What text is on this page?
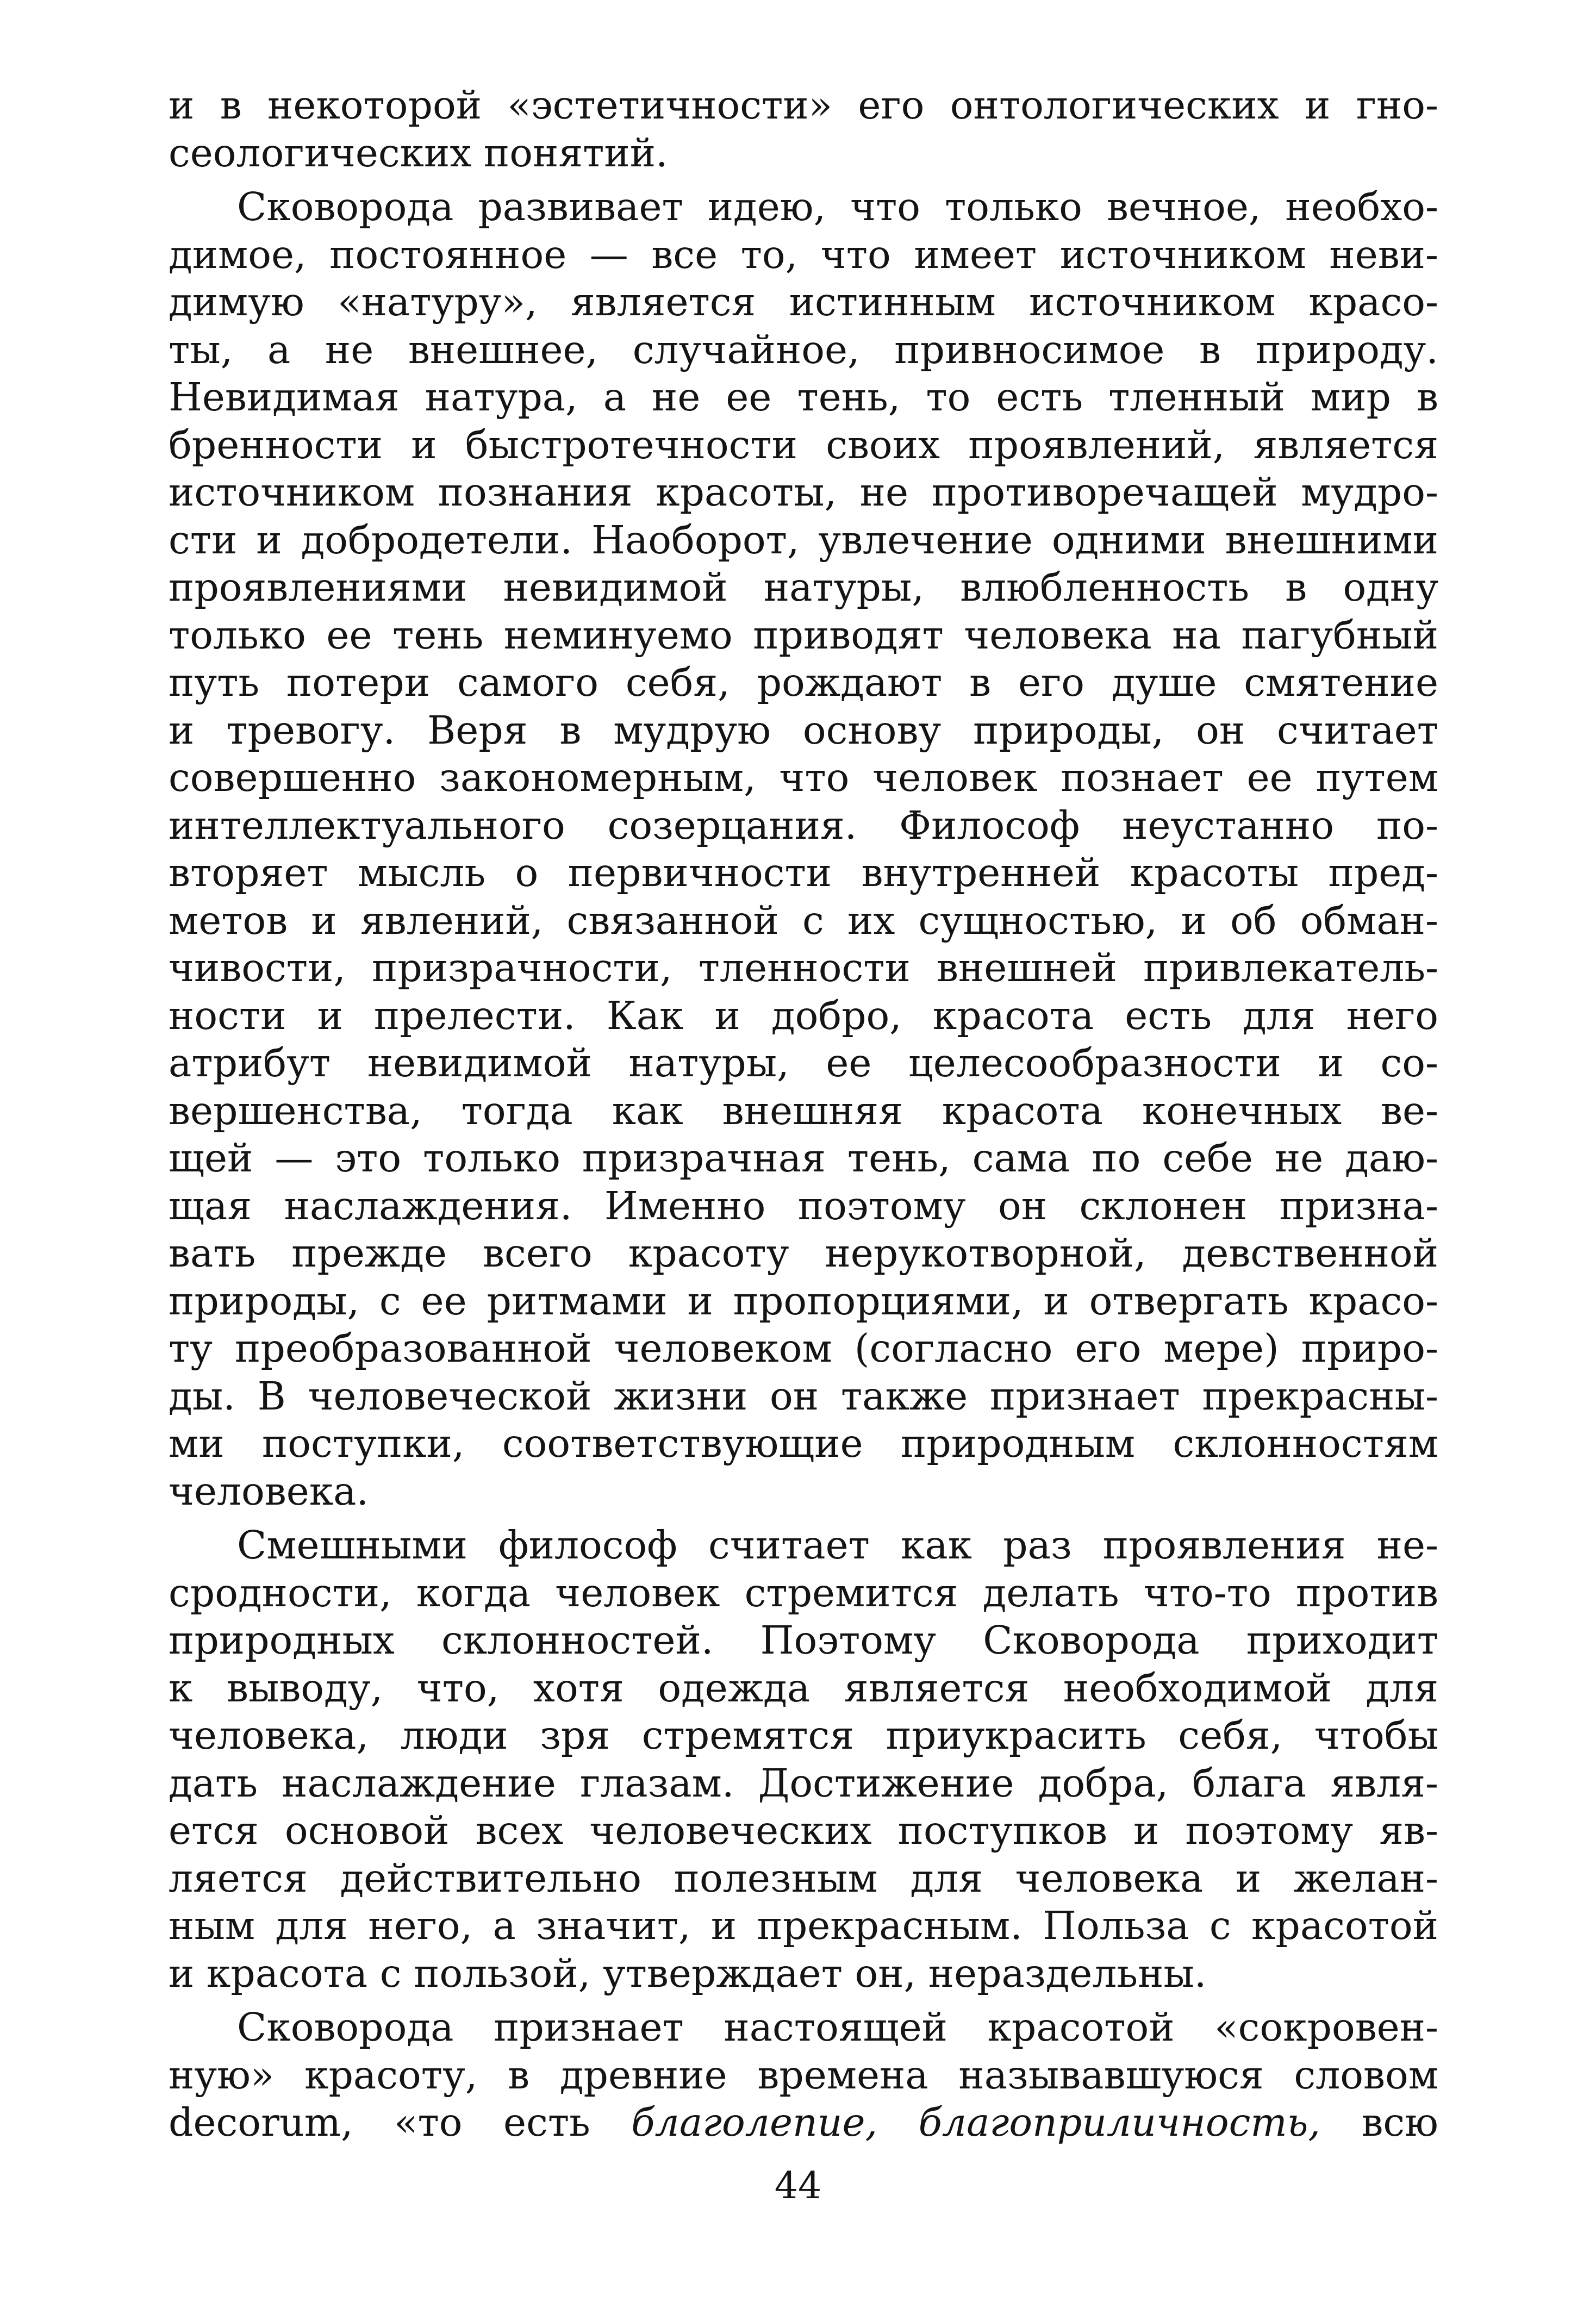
и в некоторой «эстетичности» его онтологических и гно-
сеологических понятий.
Сковорода развивает идею, что только вечное, необхо-
димое, постоянное — все то, что имеет источником неви-
димую «натуру», является истинным источником красо-
ты, а не внешнее, случайное, привносимое в природу.
Невидимая натура, а не ее тень, то есть тленный мир в
бренности и быстротечности своих проявлений, является
источником познания красоты, не противоречащей мудро-
сти и добродетели. Наоборот, увлечение одними внешними
проявлениями невидимой натуры, влюбленность в одну
только ее тень неминуемо приводят человека на пагубный
путь потери самого себя, рождают в его душе смятение
и тревогу. Веря в мудрую основу природы, он считает
совершенно закономерным, что человек познает ее путем
интеллектуального созерцания. Философ неустанно по-
вторяет мысль о первичности внутренней красоты пред-
метов и явлений, связанной с их сущностью, и об обман-
чивости, призрачности, тленности внешней привлекатель-
ности и прелести. Как и добро, красота есть для него
атрибут невидимой натуры, ее целесообразности и со-
вершенства, тогда как внешняя красота конечных ве-
щей — это только призрачная тень, сама по себе не даю-
щая наслаждения. Именно поэтому он склонен призна-
вать прежде всего красоту нерукотворной, девственной
природы, с ее ритмами и пропорциями, и отвергать красо-
ту преобразованной человеком (согласно его мере) приро-
ды. В человеческой жизни он также признает прекрасны-
ми поступки, соответствующие природным склонностям
человека.
Смешными философ считает как раз проявления не-
сродности, когда человек стремится делать что-то против
природных склонностей. Поэтому Сковорода приходит
к выводу, что, хотя одежда является необходимой для
человека, люди зря стремятся приукрасить себя, чтобы
дать наслаждение глазам. Достижение добра, блага явля-
ется основой всех человеческих поступков и поэтому яв-
ляется действительно полезным для человека и желан-
ным для него, а значит, и прекрасным. Польза с красотой
и красота с пользой, утверждает он, нераздельны.
Сковорода признает настоящей красотой «сокровен-
ную» красоту, в древние времена называвшуюся словом
decorum, «то есть благолепие, благоприличность, всю
44
